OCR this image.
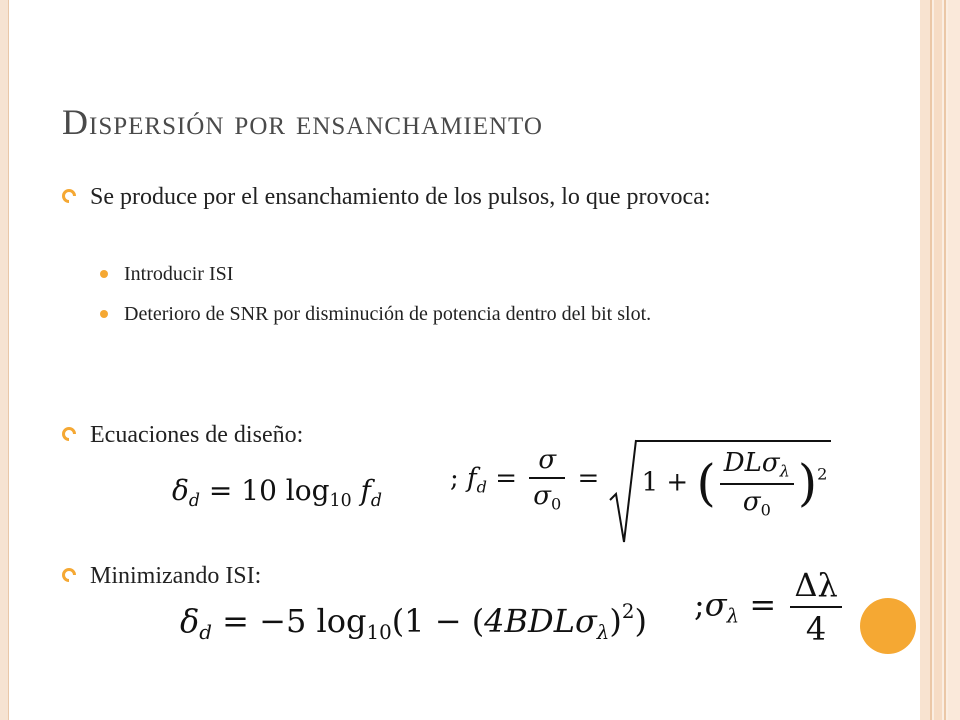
Dispersión por ensanchamiento
Se produce por el ensanchamiento de los pulsos, lo que provoca:
Introducir ISI
Deterioro de SNR por disminución de potencia dentro del bit slot.
Ecuaciones de diseño:
$\delta_d = 10$ $\log_{10} f_d$
; $f_d = \frac{\sigma}{\sigma_0}$ =
1 + ( $\frac{DL\sigma_\lambda}{\sigma_0} )^2$
Minimizando ISI:
$\delta_d = -5$ $\log_{10}(1 - (4BDL\sigma_\lambda)^2)$ $;\sigma_\lambda = \frac{\Delta\lambda}{4}$
